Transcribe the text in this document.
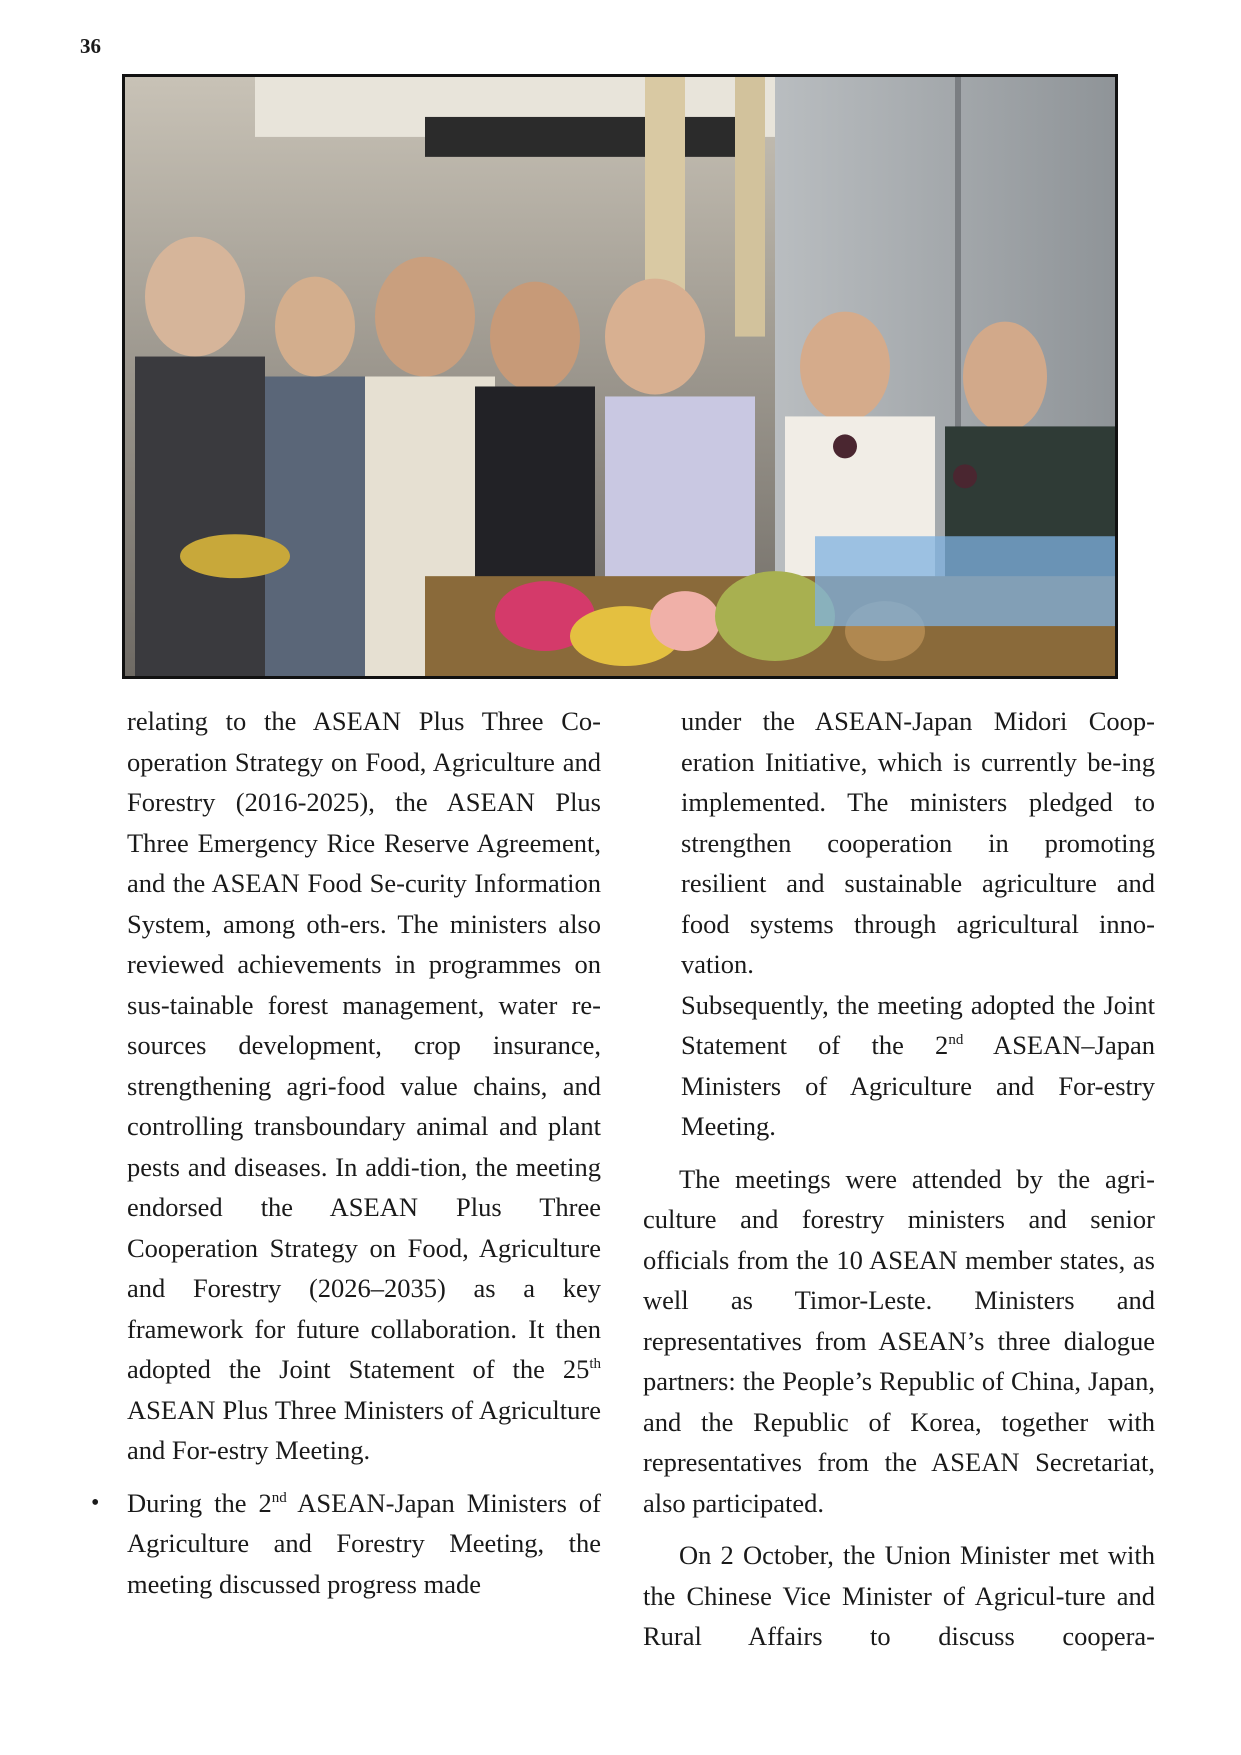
36

relating to the ASEAN Plus Three Co-operation Strategy on Food, Agriculture and Forestry (2016-2025), the ASEAN Plus Three Emergency Rice Reserve Agreement, and the ASEAN Food Se-curity Information System, among oth-ers. The ministers also reviewed achievements in programmes on sus-tainable forest management, water re-sources development, crop insurance, strengthening agri-food value chains, and controlling transboundary animal and plant pests and diseases. In addi-tion, the meeting endorsed the ASEAN Plus Three Cooperation Strategy on Food, Agriculture and Forestry (2026–2035) as a key framework for future collaboration. It then adopted the Joint Statement of the 25th ASEAN Plus Three Ministers of Agriculture and For-estry Meeting.

• During the 2nd ASEAN-Japan Ministers of Agriculture and Forestry Meeting, the meeting discussed progress made

under the ASEAN-Japan Midori Coop-eration Initiative, which is currently be-ing implemented. The ministers pledged to strengthen cooperation in promoting resilient and sustainable agriculture and food systems through agricultural inno-vation.

Subsequently, the meeting adopted the Joint Statement of the 2nd ASEAN–Japan Ministers of Agriculture and For-estry Meeting.

The meetings were attended by the agri-culture and forestry ministers and senior officials from the 10 ASEAN member states, as well as Timor-Leste. Ministers and representatives from ASEAN’s three dialogue partners: the People’s Republic of China, Japan, and the Republic of Korea, together with representatives from the ASEAN Secretariat, also participated.

On 2 October, the Union Minister met with the Chinese Vice Minister of Agricul-ture and Rural Affairs to discuss coopera-
